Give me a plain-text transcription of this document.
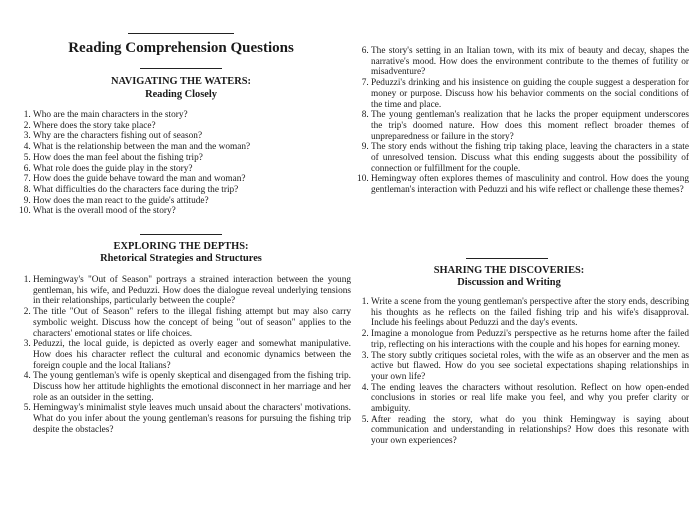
Reading Comprehension Questions
NAVIGATING THE WATERS:
Reading Closely
1. Who are the main characters in the story?
2. Where does the story take place?
3. Why are the characters fishing out of season?
4. What is the relationship between the man and the woman?
5. How does the man feel about the fishing trip?
6. What role does the guide play in the story?
7. How does the guide behave toward the man and woman?
8. What difficulties do the characters face during the trip?
9. How does the man react to the guide's attitude?
10. What is the overall mood of the story?
EXPLORING THE DEPTHS:
Rhetorical Strategies and Structures
1. Hemingway's "Out of Season" portrays a strained interaction between the young gentleman, his wife, and Peduzzi. How does the dialogue reveal underlying tensions in their relationships, particularly between the couple?
2. The title "Out of Season" refers to the illegal fishing attempt but may also carry symbolic weight. Discuss how the concept of being "out of season" applies to the characters' emotional states or life choices.
3. Peduzzi, the local guide, is depicted as overly eager and somewhat manipulative. How does his character reflect the cultural and economic dynamics between the foreign couple and the local Italians?
4. The young gentleman's wife is openly skeptical and disengaged from the fishing trip. Discuss how her attitude highlights the emotional disconnect in her marriage and her role as an outsider in the setting.
5. Hemingway's minimalist style leaves much unsaid about the characters' motivations. What do you infer about the young gentleman's reasons for pursuing the fishing trip despite the obstacles?
6. The story's setting in an Italian town, with its mix of beauty and decay, shapes the narrative's mood. How does the environment contribute to the themes of futility or misadventure?
7. Peduzzi's drinking and his insistence on guiding the couple suggest a desperation for money or purpose. Discuss how his behavior comments on the social conditions of the time and place.
8. The young gentleman's realization that he lacks the proper equipment underscores the trip's doomed nature. How does this moment reflect broader themes of unpreparedness or failure in the story?
9. The story ends without the fishing trip taking place, leaving the characters in a state of unresolved tension. Discuss what this ending suggests about the possibility of connection or fulfillment for the couple.
10. Hemingway often explores themes of masculinity and control. How does the young gentleman's interaction with Peduzzi and his wife reflect or challenge these themes?
SHARING THE DISCOVERIES:
Discussion and Writing
1. Write a scene from the young gentleman's perspective after the story ends, describing his thoughts as he reflects on the failed fishing trip and his wife's disapproval. Include his feelings about Peduzzi and the day's events.
2. Imagine a monologue from Peduzzi's perspective as he returns home after the failed trip, reflecting on his interactions with the couple and his hopes for earning money.
3. The story subtly critiques societal roles, with the wife as an observer and the men as active but flawed. How do you see societal expectations shaping relationships in your own life?
4. The ending leaves the characters without resolution. Reflect on how open-ended conclusions in stories or real life make you feel, and why you prefer clarity or ambiguity.
5. After reading the story, what do you think Hemingway is saying about communication and understanding in relationships? How does this resonate with your own experiences?
